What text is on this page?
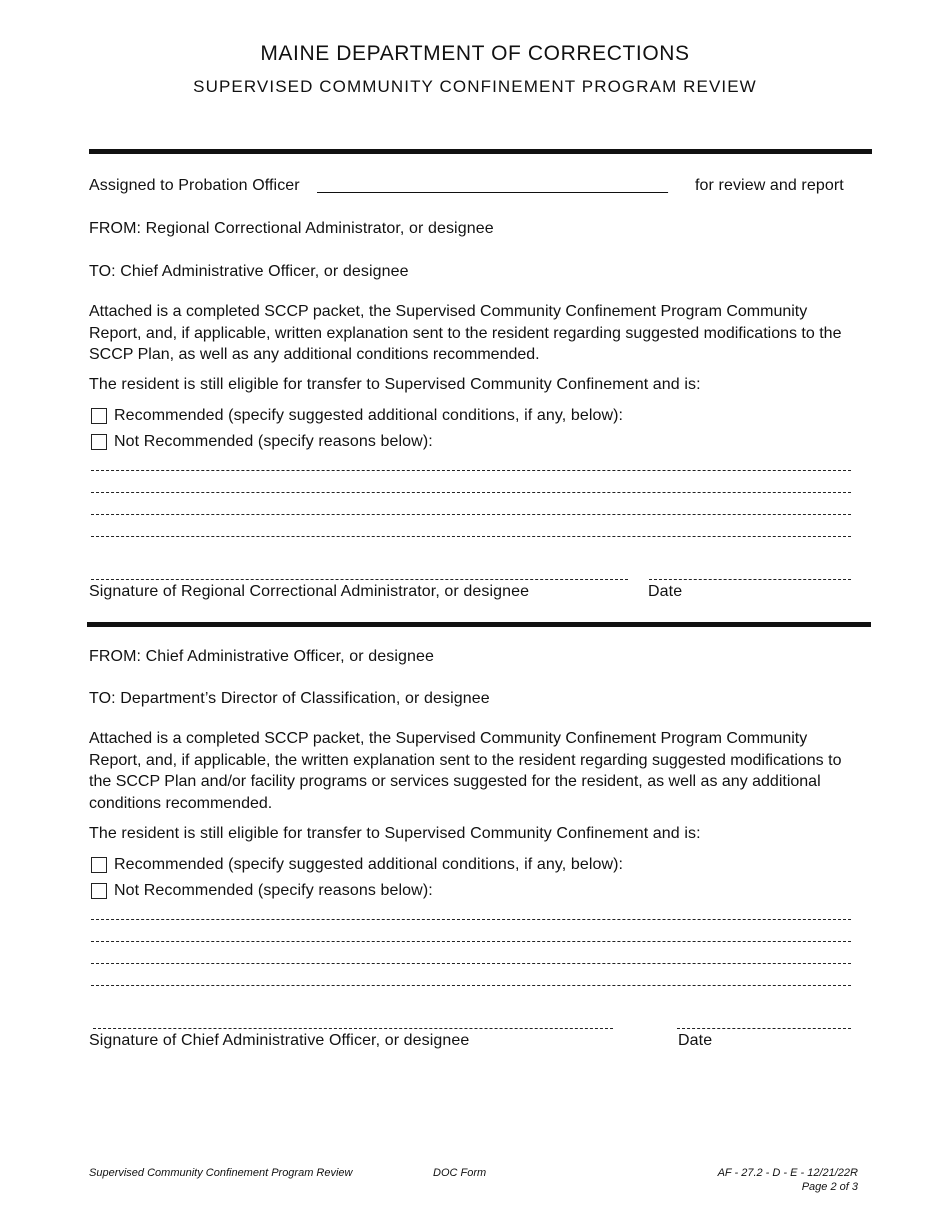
MAINE DEPARTMENT OF CORRECTIONS
SUPERVISED COMMUNITY CONFINEMENT PROGRAM REVIEW
Assigned to Probation Officer _______________________________________	for review and report
FROM: Regional Correctional Administrator, or designee
TO: Chief Administrative Officer, or designee
Attached is a completed SCCP packet, the Supervised Community Confinement Program Community Report, and, if applicable, written explanation sent to the resident regarding suggested modifications to the SCCP Plan, as well as any additional conditions recommended.
The resident is still eligible for transfer to Supervised Community Confinement and is:
Recommended (specify suggested additional conditions, if any, below):
Not Recommended (specify reasons below):
Signature of Regional Correctional Administrator, or designee	Date
FROM: Chief Administrative Officer, or designee
TO: Department’s Director of Classification, or designee
Attached is a completed SCCP packet, the Supervised Community Confinement Program Community Report, and, if applicable, the written explanation sent to the resident regarding suggested modifications to the SCCP Plan and/or facility programs or services suggested for the resident, as well as any additional conditions recommended.
The resident is still eligible for transfer to Supervised Community Confinement and is:
Recommended (specify suggested additional conditions, if any, below):
Not Recommended (specify reasons below):
Signature of Chief Administrative Officer, or designee	Date
Supervised Community Confinement Program Review	DOC Form	AF - 27.2 - D - E - 12/21/22R
Page 2 of 3
